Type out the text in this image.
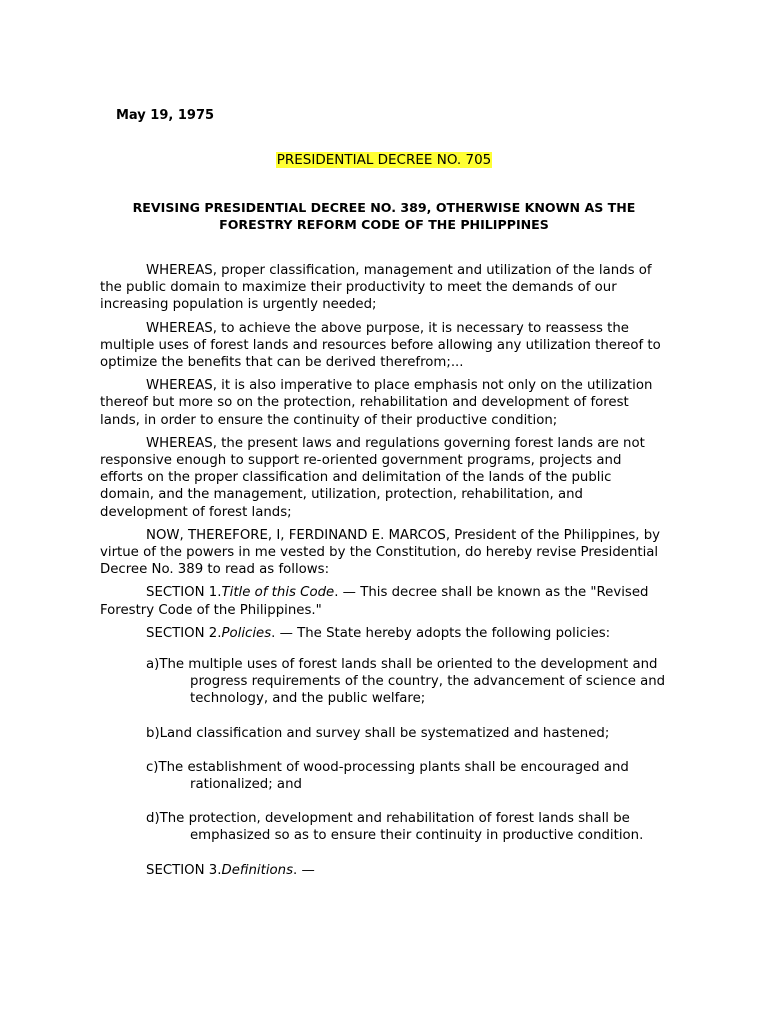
May 19, 1975
PRESIDENTIAL DECREE NO. 705
REVISING PRESIDENTIAL DECREE NO. 389, OTHERWISE KNOWN AS THE FORESTRY REFORM CODE OF THE PHILIPPINES

WHEREAS, proper classification, management and utilization of the lands of the public domain to maximize their productivity to meet the demands of our increasing population is urgently needed;

WHEREAS, to achieve the above purpose, it is necessary to reassess the multiple uses of forest lands and resources before allowing any utilization thereof to optimize the benefits that can be derived therefrom;...

WHEREAS, it is also imperative to place emphasis not only on the utilization thereof but more so on the protection, rehabilitation and development of forest lands, in order to ensure the continuity of their productive condition;

WHEREAS, the present laws and regulations governing forest lands are not responsive enough to support re-oriented government programs, projects and efforts on the proper classification and delimitation of the lands of the public domain, and the management, utilization, protection, rehabilitation, and development of forest lands;

NOW, THEREFORE, I, FERDINAND E. MARCOS, President of the Philippines, by virtue of the powers in me vested by the Constitution, do hereby revise Presidential Decree No. 389 to read as follows:

SECTION 1.Title of this Code. — This decree shall be known as the "Revised Forestry Code of the Philippines."
SECTION 2.Policies. — The State hereby adopts the following policies:
a)The multiple uses of forest lands shall be oriented to the development and progress requirements of the country, the advancement of science and technology, and the public welfare;
b)Land classification and survey shall be systematized and hastened;
c)The establishment of wood-processing plants shall be encouraged and rationalized; and
d)The protection, development and rehabilitation of forest lands shall be emphasized so as to ensure their continuity in productive condition.
SECTION 3.Definitions. —
